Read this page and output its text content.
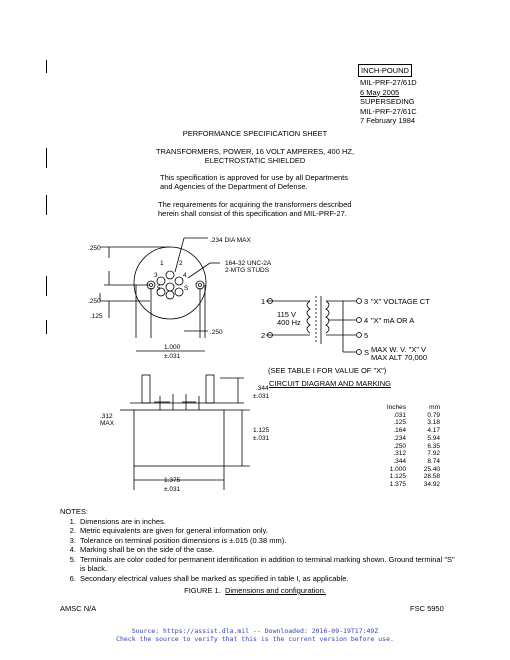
INCH-POUND
MIL-PRF-27/61D
6 May 2005
SUPERSEDING
MIL-PRF-27/61C
7 February 1984
PERFORMANCE SPECIFICATION SHEET
TRANSFORMERS, POWER, 16 VOLT AMPERES, 400 HZ,
ELECTROSTATIC SHIELDED
This specification is approved for use by all Departments
and Agencies of the Department of Defense.
The requirements for acquiring the transformers described
herein shall consist of this specification and MIL-PRF-27.
1 2
3	4
5	S
.234 DIA MAX
.250
.250
.125
164-32 UNC-2A
2-MTG STUDS
.250
1.000
±.031
.344
±.031
.312
MAX
1.125
±.031
1.375
±.031
1
2
115 V
400 Hz
3
4
5
S
"X" VOLTAGE CT
"X" mA OR A
MAX W. V. "X" V
MAX ALT 70,000
(SEE TABLE I FOR VALUE OF "X")
CIRCUIT DIAGRAM AND MARKING
Inches	mm
.031	0.79
.125	3.18
.164	4.17
.234	5.94
.250	6.35
.312	7.92
.344	8.74
1.000	25.40
1.125	28.58
1.375	34.92
NOTES:
1. Dimensions are in inches.
2. Metric equivalents are given for general information only.
3. Tolerance on terminal position dimensions is ±.015 (0.38 mm).
4. Marking shall be on the side of the case.
5. Terminals are color coded for permanent identification in addition to terminal marking shown. Ground terminal "S" is black.
6. Secondary electrical values shall be marked as specified in table I, as applicable.
FIGURE 1. Dimensions and configuration.
AMSC N/A	FSC 5950
Source: https://assist.dla.mil -- Downloaded: 2016-09-19T17:49Z
Check the source to verify that this is the current version before use.
